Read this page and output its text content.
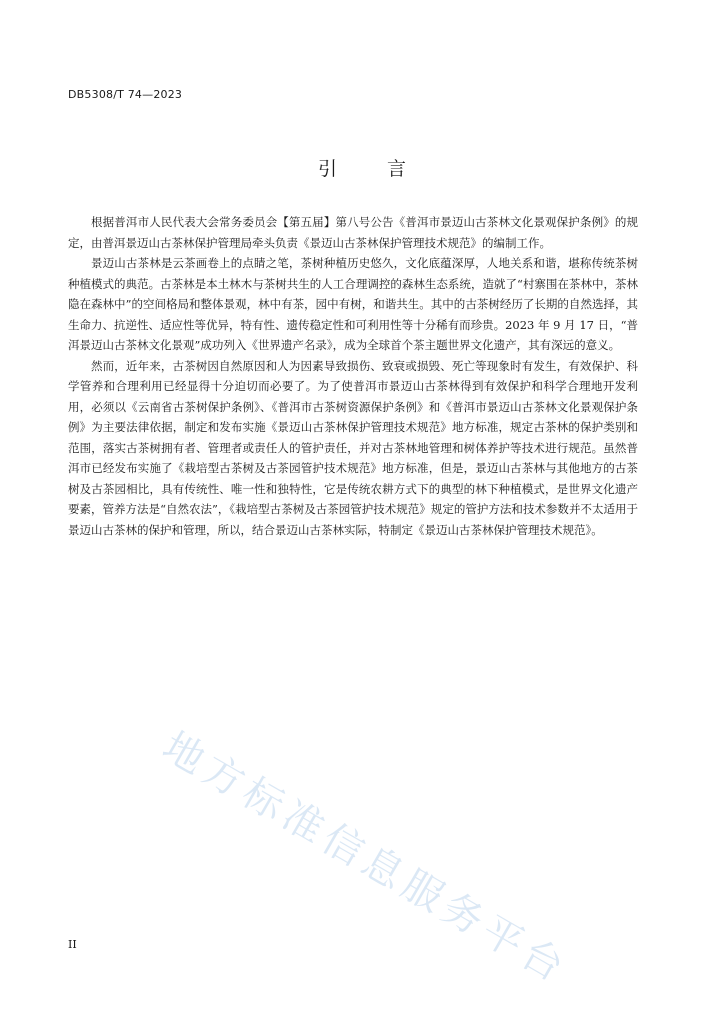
DB5308/T 74—2023
引	言

根据普洱市人民代表大会常务委员会【第五届】第八号公告《普洱市景迈山古茶林文化景观保护条例》的规定，由普洱景迈山古茶林保护管理局牵头负责《景迈山古茶林保护管理技术规范》的编制工作。

景迈山古茶林是云茶画卷上的点睛之笔，茶树种植历史悠久，文化底蕴深厚，人地关系和谐，堪称传统茶树种植模式的典范。古茶林是本土林木与茶树共生的人工合理调控的森林生态系统，造就了“村寨围在茶林中，茶林隐在森林中”的空间格局和整体景观，林中有茶，园中有树，和谐共生。其中的古茶树经历了长期的自然选择，其生命力、抗逆性、适应性等优异，特有性、遗传稳定性和可利用性等十分稀有而珍贵。2023 年 9 月 17 日，“普洱景迈山古茶林文化景观”成功列入《世界遗产名录》，成为全球首个茶主题世界文化遗产，其有深远的意义。

然而，近年来，古茶树因自然原因和人为因素导致损伤、致衰或损毁、死亡等现象时有发生，有效保护、科学管养和合理利用已经显得十分迫切而必要了。为了使普洱市景迈山古茶林得到有效保护和科学合理地开发利用，必须以《云南省古茶树保护条例》、《普洱市古茶树资源保护条例》和《普洱市景迈山古茶林文化景观保护条例》为主要法律依据，制定和发布实施《景迈山古茶林保护管理技术规范》地方标准，规定古茶林的保护类别和范围，落实古茶树拥有者、管理者或责任人的管护责任，并对古茶林地管理和树体养护等技术进行规范。虽然普洱市已经发布实施了《栽培型古茶树及古茶园管护技术规范》地方标准，但是，景迈山古茶林与其他地方的古茶树及古茶园相比，具有传统性、唯一性和独特性，它是传统农耕方式下的典型的林下种植模式，是世界文化遗产要素，管养方法是“自然农法”，《栽培型古茶树及古茶园管护技术规范》规定的管护方法和技术参数并不太适用于景迈山古茶林的保护和管理，所以，结合景迈山古茶林实际，特制定《景迈山古茶林保护管理技术规范》。

地方标准信息服务平台
II
